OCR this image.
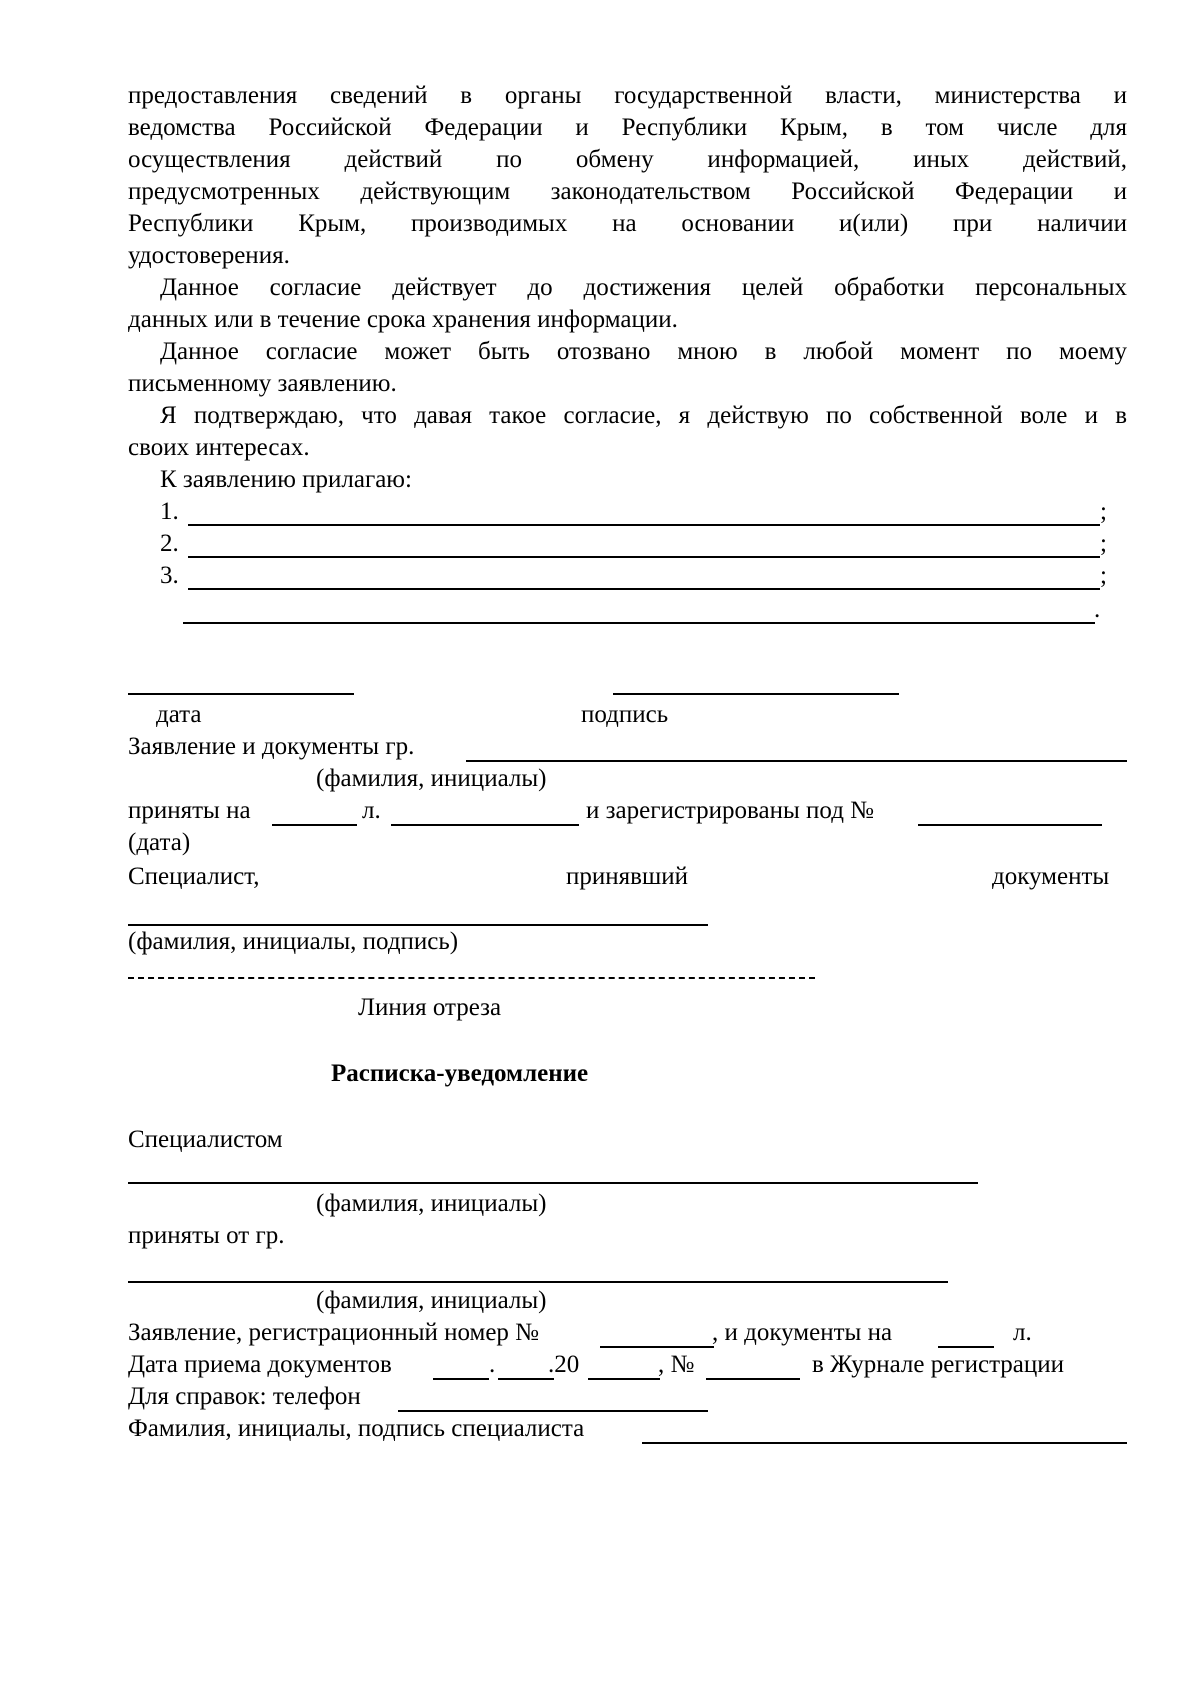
предоставления сведений в органы государственной власти, министерства и
ведомства Российской Федерации и Республики Крым, в том числе для
осуществления действий по обмену информацией, иных действий,
предусмотренных действующим законодательством Российской Федерации и
Республики Крым, производимых на основании и(или) при наличии
удостоверения.
Данное согласие действует до достижения целей обработки персональных
данных или в течение срока хранения информации.
Данное согласие может быть отозвано мною в любой момент по моему
письменному заявлению.
Я подтверждаю, что давая такое согласие, я действую по собственной воле и в
своих интересах.
К заявлению прилагаю:
1.	;
2.	;
3.	;
.
дата	подпись
Заявление и документы гр.
(фамилия, инициалы)
приняты на	л.	и зарегистрированы под №
(дата)
Специалист,	принявший	документы
(фамилия, инициалы, подпись)
Линия отреза
Расписка-уведомление
Специалистом
(фамилия, инициалы)
приняты от гр.
(фамилия, инициалы)
Заявление, регистрационный номер №	, и документы на	л.
Дата приема документов	. .20	, №	в Журнале регистрации
Для справок: телефон
Фамилия, инициалы, подпись специалиста
